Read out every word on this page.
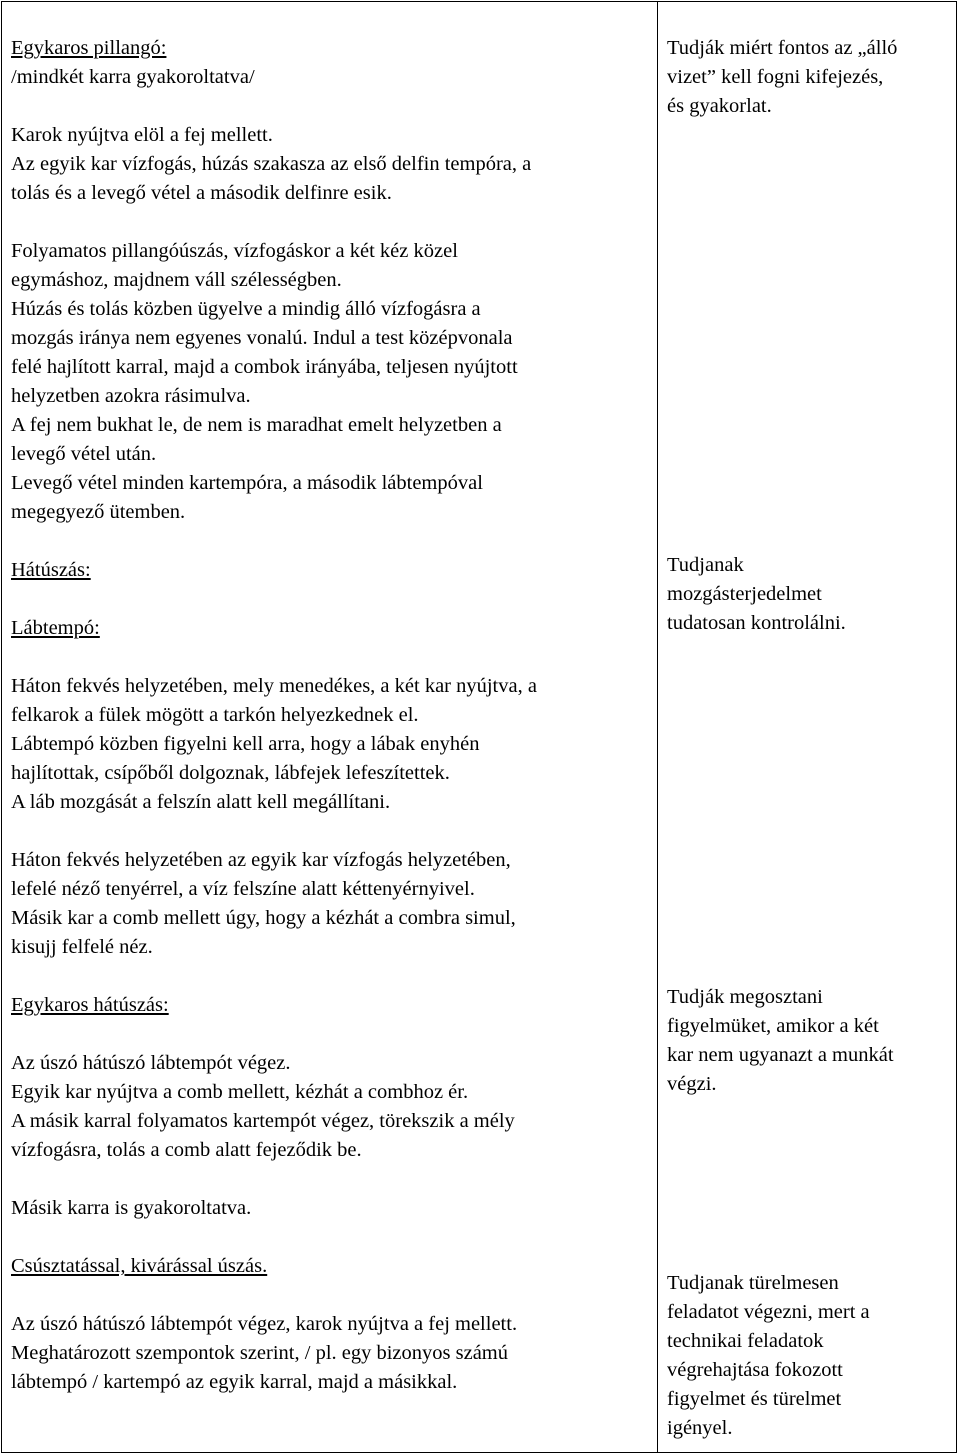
Egykaros pillangó:
/mindkét karra gyakoroltatva/
Karok nyújtva elöl a fej mellett.
Az egyik kar vízfogás, húzás szakasza az első delfin tempóra, a
tolás és a levegő vétel a második delfinre esik.
Folyamatos pillangóúszás, vízfogáskor a két kéz közel
egymáshoz, majdnem váll szélességben.
Húzás és tolás közben ügyelve a mindig álló vízfogásra a
mozgás iránya nem egyenes vonalú. Indul a test középvonala
felé hajlított karral, majd a combok irányába, teljesen nyújtott
helyzetben azokra rásimulva.
A fej nem bukhat le, de nem is maradhat emelt helyzetben a
levegő vétel után.
Levegő vétel minden kartempóra, a második lábtempóval
megegyező ütemben.
Hátúszás:
Lábtempó:
Háton fekvés helyzetében, mely menedékes, a két kar nyújtva, a
felkarok a fülek mögött a tarkón helyezkednek el.
Lábtempó közben figyelni kell arra, hogy a lábak enyhén
hajlítottak, csípőből dolgoznak, lábfejek lefeszítettek.
A láb mozgását a felszín alatt kell megállítani.
Háton fekvés helyzetében az egyik kar vízfogás helyzetében,
lefelé néző tenyérrel, a víz felszíne alatt kéttenyérnyivel.
Másik kar a comb mellett úgy, hogy a kézhát a combra simul,
kisujj felfelé néz.
Egykaros hátúszás:
Az úszó hátúszó lábtempót végez.
Egyik kar nyújtva a comb mellett, kézhát a combhoz ér.
A másik karral folyamatos kartempót végez, törekszik a mély
vízfogásra, tolás a comb alatt fejeződik be.
Másik karra is gyakoroltatva.
Csúsztatással, kivárással úszás.
Az úszó hátúszó lábtempót végez, karok nyújtva a fej mellett.
Meghatározott szempontok szerint, / pl. egy bizonyos számú
lábtempó / kartempó az egyik karral, majd a másikkal.
Tudják miért fontos az „álló
vizet” kell fogni kifejezés,
és gyakorlat.
Tudjanak
mozgásterjedelmet
tudatosan kontrolálni.
Tudják megosztani
figyelmüket, amikor a két
kar nem ugyanazt a munkát
végzi.
Tudjanak türelmesen
feladatot végezni, mert a
technikai feladatok
végrehajtása fokozott
figyelmet és türelmet
igényel.
